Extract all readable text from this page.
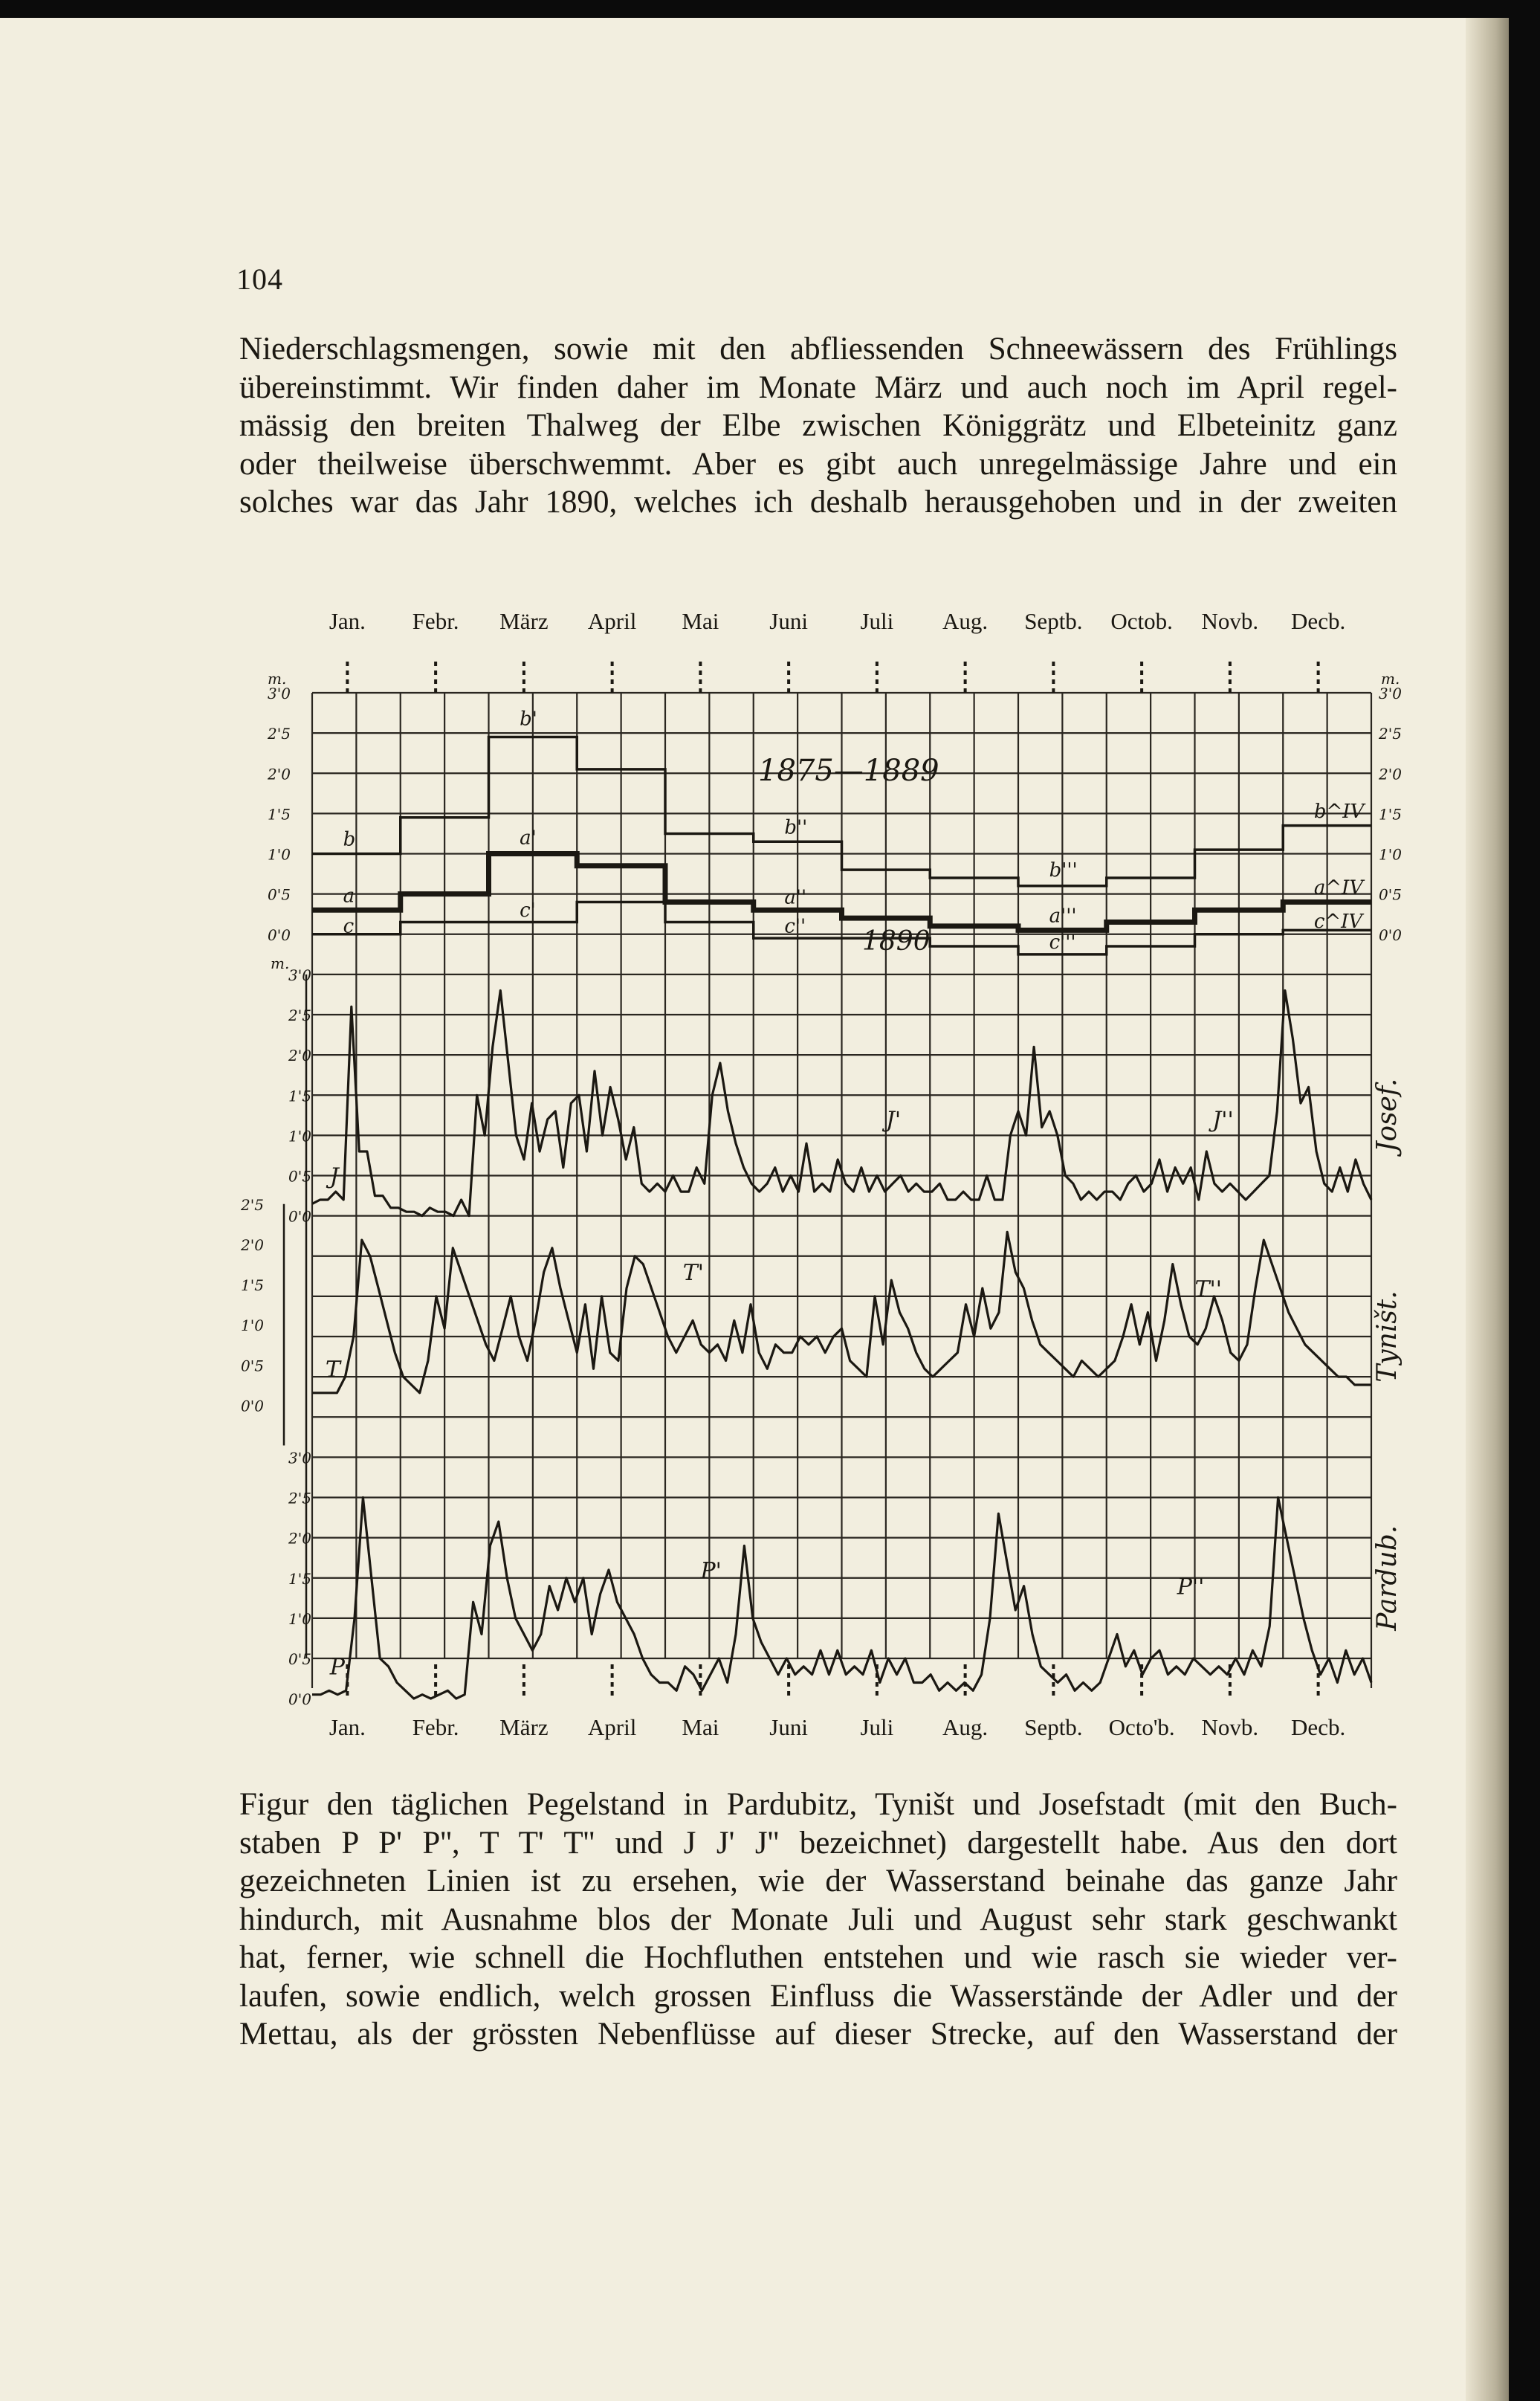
104
Niederschlagsmengen, sowie mit den abfliessenden Schneewässern des Frühlings
übereinstimmt. Wir finden daher im Monate März und auch noch im April regel-
mässig den breiten Thalweg der Elbe zwischen Königgrätz und Elbeteinitz ganz
oder theilweise überschwemmt. Aber es gibt auch unregelmässige Jahre und ein
solches war das Jahr 1890, welches ich deshalb herausgehoben und in der zweiten
Jan. Febr. März April Mai Juni Juli Aug. Septb. Octob. Novb. Decb.
Jan. Febr. März April Mai Juni Juli Aug. Septb. Octo'b. Novb. Decb.
m.	m.
3'0
2'5
2'0
1'5
1'0
0'5
0'0
3'0
2'5
2'0
1'5
1'0
0'5
0'0
1875—1889
b
b'
b''
b'''
b^IV
a
a'
a''
a'''
a^IV
c
c'
c''
c'''
c^IV
m.
1890
3'0
2'5
2'0
1'5
1'0
0'5
0'0
2'5
2'0
1'5
1'0
0'5
0'0
3'0
2'5
2'0
1'5
1'0
0'5
0'0
Josef.
Tyništ.
Pardub.
J
J'	J''
T
T'
T''
P
P'
P''
Figur den täglichen Pegelstand in Pardubitz, Tyništ und Josefstadt (mit den Buch-
staben P P' P'', T T' T'' und J J' J'' bezeichnet) dargestellt habe. Aus den dort
gezeichneten Linien ist zu ersehen, wie der Wasserstand beinahe das ganze Jahr
hindurch, mit Ausnahme blos der Monate Juli und August sehr stark geschwankt
hat, ferner, wie schnell die Hochfluthen entstehen und wie rasch sie wieder ver-
laufen, sowie endlich, welch grossen Einfluss die Wasserstände der Adler und der
Mettau, als der grössten Nebenflüsse auf dieser Strecke, auf den Wasserstand der
